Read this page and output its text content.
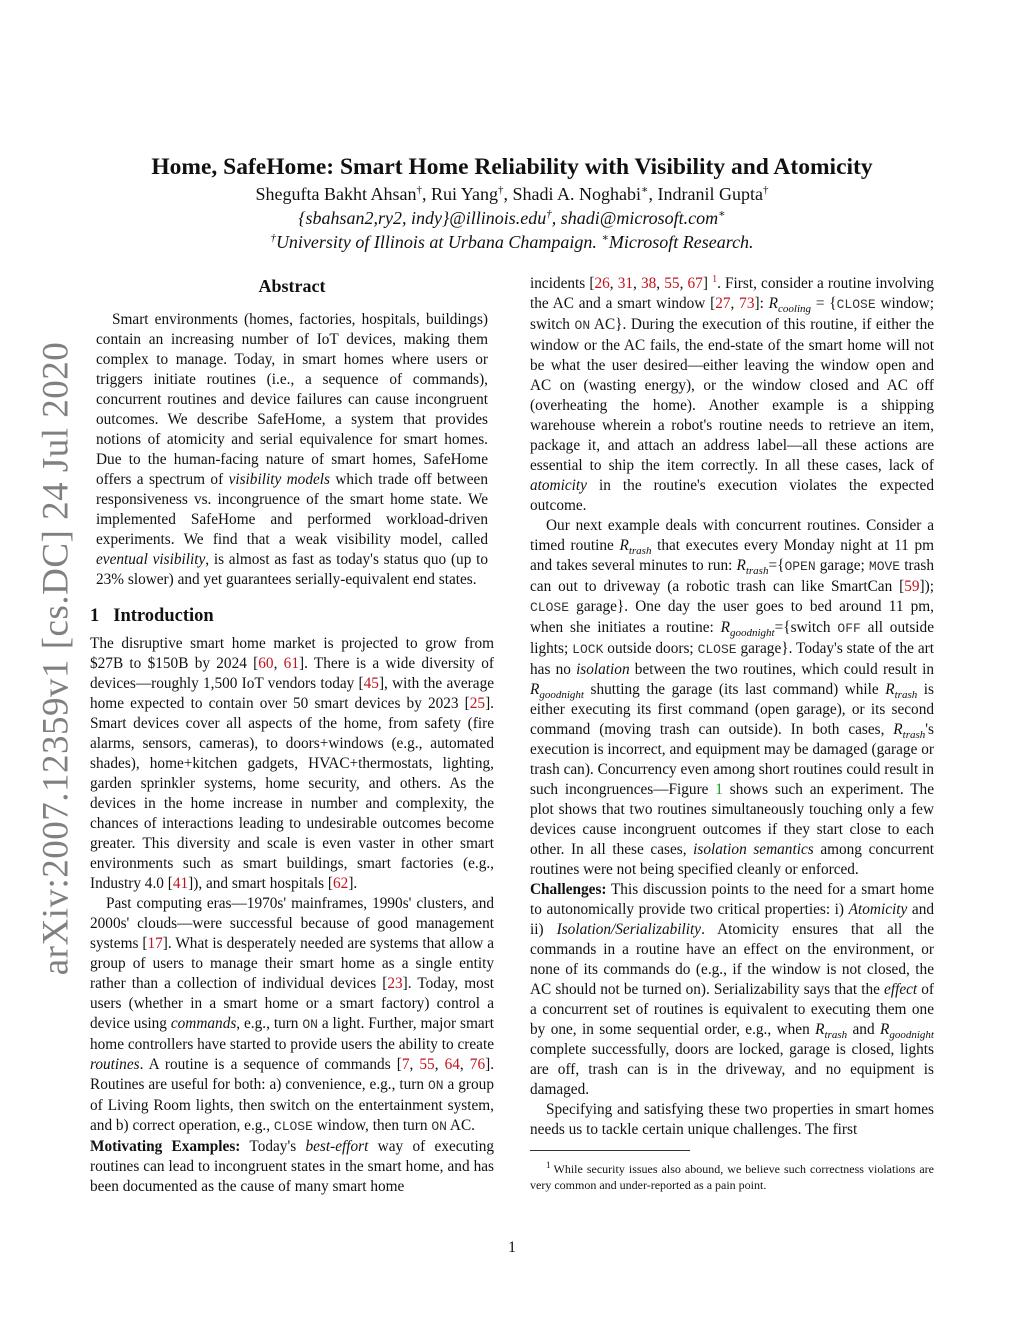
arXiv:2007.12359v1 [cs.DC] 24 Jul 2020
Home, SafeHome: Smart Home Reliability with Visibility and Atomicity
Shegufta Bakht Ahsan†, Rui Yang†, Shadi A. Noghabi∗, Indranil Gupta†
{sbahsan2,ry2, indy}@illinois.edu†, shadi@microsoft.com∗
†University of Illinois at Urbana Champaign. ∗Microsoft Research.
Abstract

Smart environments (homes, factories, hospitals, buildings) contain an increasing number of IoT devices, making them complex to manage. Today, in smart homes where users or triggers initiate routines (i.e., a sequence of commands), concurrent routines and device failures can cause incongruent outcomes. We describe SafeHome, a system that provides notions of atomicity and serial equivalence for smart homes. Due to the human-facing nature of smart homes, SafeHome offers a spectrum of visibility models which trade off between responsiveness vs. incongruence of the smart home state. We implemented SafeHome and performed workload-driven experiments. We find that a weak visibility model, called eventual visibility, is almost as fast as today's status quo (up to 23% slower) and yet guarantees serially-equivalent end states.

1 Introduction

The disruptive smart home market is projected to grow from $27B to $150B by 2024 [60, 61]. There is a wide diversity of devices—roughly 1,500 IoT vendors today [45], with the average home expected to contain over 50 smart devices by 2023 [25]. Smart devices cover all aspects of the home, from safety (fire alarms, sensors, cameras), to doors+windows (e.g., automated shades), home+kitchen gadgets, HVAC+thermostats, lighting, garden sprinkler systems, home security, and others. As the devices in the home increase in number and complexity, the chances of interactions leading to undesirable outcomes become greater. This diversity and scale is even vaster in other smart environments such as smart buildings, smart factories (e.g., Industry 4.0 [41]), and smart hospitals [62].

Past computing eras—1970s' mainframes, 1990s' clusters, and 2000s' clouds—were successful because of good management systems [17]. What is desperately needed are systems that allow a group of users to manage their smart home as a single entity rather than a collection of individual devices [23]. Today, most users (whether in a smart home or a smart factory) control a device using commands, e.g., turn ON a light. Further, major smart home controllers have started to provide users the ability to create routines. A routine is a sequence of commands [7, 55, 64, 76]. Routines are useful for both: a) convenience, e.g., turn ON a group of Living Room lights, then switch on the entertainment system, and b) correct operation, e.g., CLOSE window, then turn ON AC.

Motivating Examples: Today's best-effort way of executing routines can lead to incongruent states in the smart home, and has been documented as the cause of many smart home

incidents [26, 31, 38, 55, 67] $^1$. First, consider a routine involving the AC and a smart window [27, 73]: $R_{cooling}$ = {CLOSE window; switch ON AC}. During the execution of this routine, if either the window or the AC fails, the end-state of the smart home will not be what the user desired—either leaving the window open and AC on (wasting energy), or the window closed and AC off (overheating the home). Another example is a shipping warehouse wherein a robot's routine needs to retrieve an item, package it, and attach an address label—all these actions are essential to ship the item correctly. In all these cases, lack of atomicity in the routine's execution violates the expected outcome.

Our next example deals with concurrent routines. Consider a timed routine $R_{trash}$ that executes every Monday night at 11 pm and takes several minutes to run: $R_{trash}=\{OPEN$ garage; MOVE trash can out to driveway (a robotic trash can like SmartCan [59]); CLOSE garage}. One day the user goes to bed around 11 pm, when she initiates a routine: $R_{goodnight}=\{switch$ OFF all outside lights; LOCK outside doors; CLOSE garage}. Today's state of the art has no isolation between the two routines, which could result in $R_{goodnight}$ shutting the garage (its last command) while $R_{trash}$ is either executing its first command (open garage), or its second command (moving trash can outside). In both cases, $R_{trash}'s$ execution is incorrect, and equipment may be damaged (garage or trash can). Concurrency even among short routines could result in such incongruences—Figure 1 shows such an experiment. The plot shows that two routines simultaneously touching only a few devices cause incongruent outcomes if they start close to each other. In all these cases, isolation semantics among concurrent routines were not being specified cleanly or enforced.

Challenges: This discussion points to the need for a smart home to autonomically provide two critical properties: i) Atomicity and ii) Isolation/Serializability. Atomicity ensures that all the commands in a routine have an effect on the environment, or none of its commands do (e.g., if the window is not closed, the AC should not be turned on). Serializability says that the effect of a concurrent set of routines is equivalent to executing them one by one, in some sequential order, e.g., when $R_{trash}$ and $R_{goodnight}$ complete successfully, doors are locked, garage is closed, lights are off, trash can is in the driveway, and no equipment is damaged.

Specifying and satisfying these two properties in smart homes needs us to tackle certain unique challenges. The first

$^1$ While security issues also abound, we believe such correctness violations are very common and under-reported as a pain point.

1
